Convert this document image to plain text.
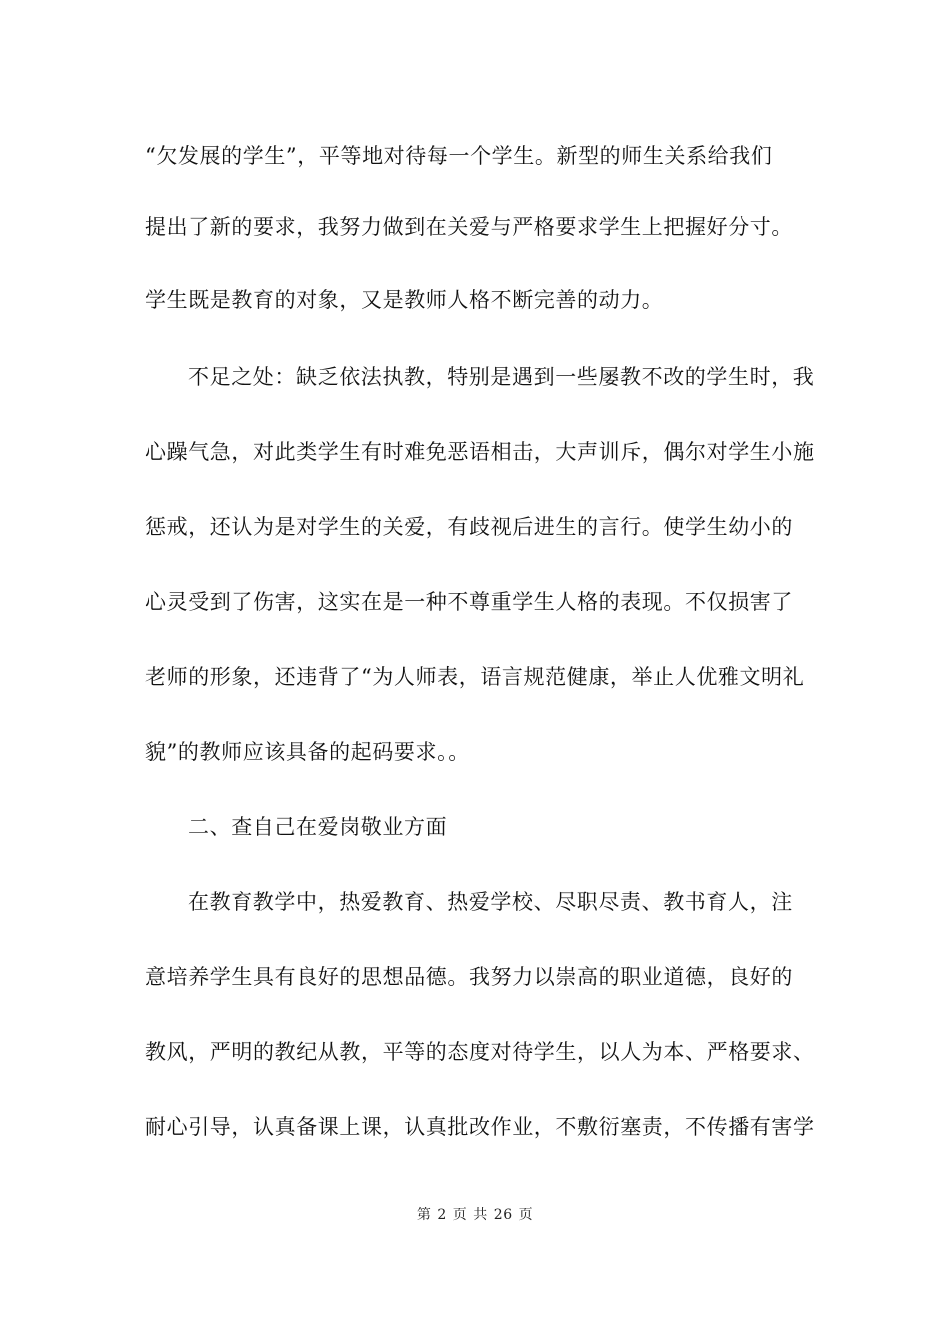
“欠发展的学生”，平等地对待每一个学生。新型的师生关系给我们
提出了新的要求，我努力做到在关爱与严格要求学生上把握好分寸。
学生既是教育的对象，又是教师人格不断完善的动力。
不足之处：缺乏依法执教，特别是遇到一些屡教不改的学生时，我
心躁气急，对此类学生有时难免恶语相击，大声训斥，偶尔对学生小施
惩戒，还认为是对学生的关爱，有歧视后进生的言行。使学生幼小的
心灵受到了伤害，这实在是一种不尊重学生人格的表现。不仅损害了
老师的形象，还违背了“为人师表，语言规范健康，举止人优雅文明礼
貌”的教师应该具备的起码要求。。
二、查自己在爱岗敬业方面
在教育教学中，热爱教育、热爱学校、尽职尽责、教书育人，注
意培养学生具有良好的思想品德。我努力以崇高的职业道德，良好的
教风，严明的教纪从教，平等的态度对待学生，以人为本、严格要求、
耐心引导，认真备课上课，认真批改作业，不敷衍塞责，不传播有害学
第 2 页 共 26 页
